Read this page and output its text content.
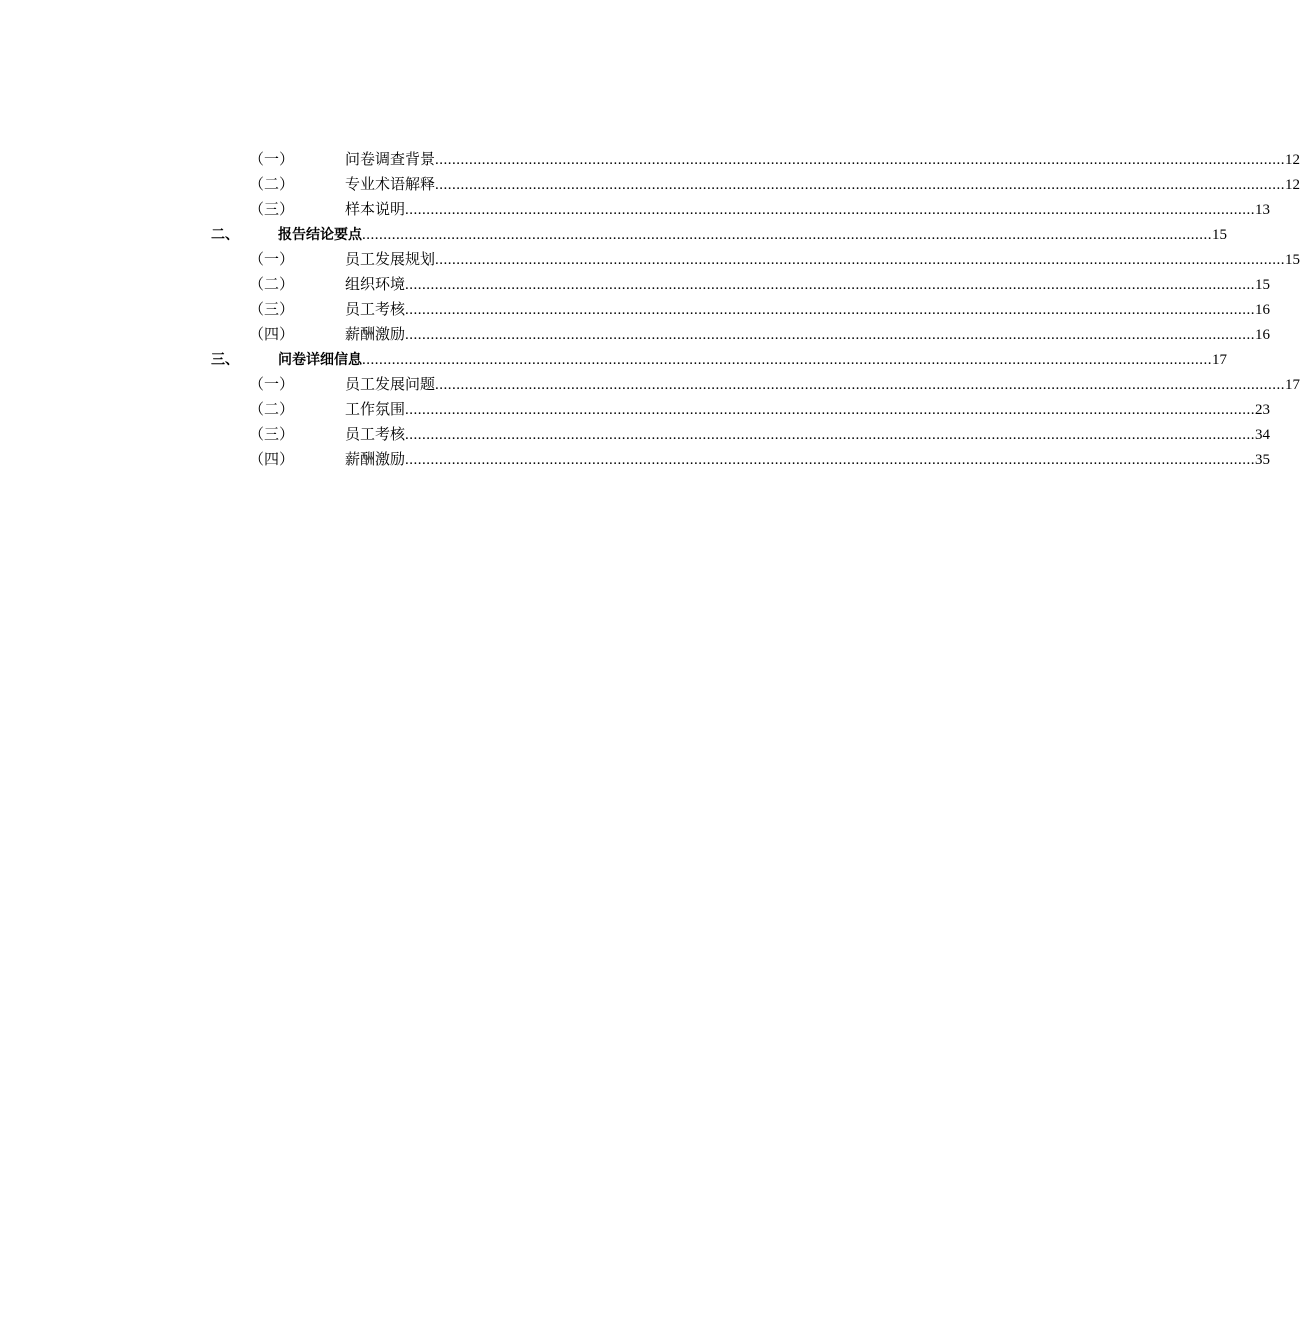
（一）	问卷调查背景 ........................................................................................................................................................................................................ 12
（二）	专业术语解释 ........................................................................................................................................................................................................ 12
（三）	样本说明 ........................................................................................................................................................................................................ 13
二、	报告结论要点 ........................................................................................................................................................................................................ 15
（一）	员工发展规划 ........................................................................................................................................................................................................ 15
（二）	组织环境 ........................................................................................................................................................................................................ 15
（三）	员工考核 ........................................................................................................................................................................................................ 16
（四）	薪酬激励 ........................................................................................................................................................................................................ 16
三、	问卷详细信息 ........................................................................................................................................................................................................ 17
（一）	员工发展问题 ........................................................................................................................................................................................................ 17
（二）	工作氛围 ........................................................................................................................................................................................................ 23
（三）	员工考核 ........................................................................................................................................................................................................ 34
（四）	薪酬激励 ........................................................................................................................................................................................................ 35
